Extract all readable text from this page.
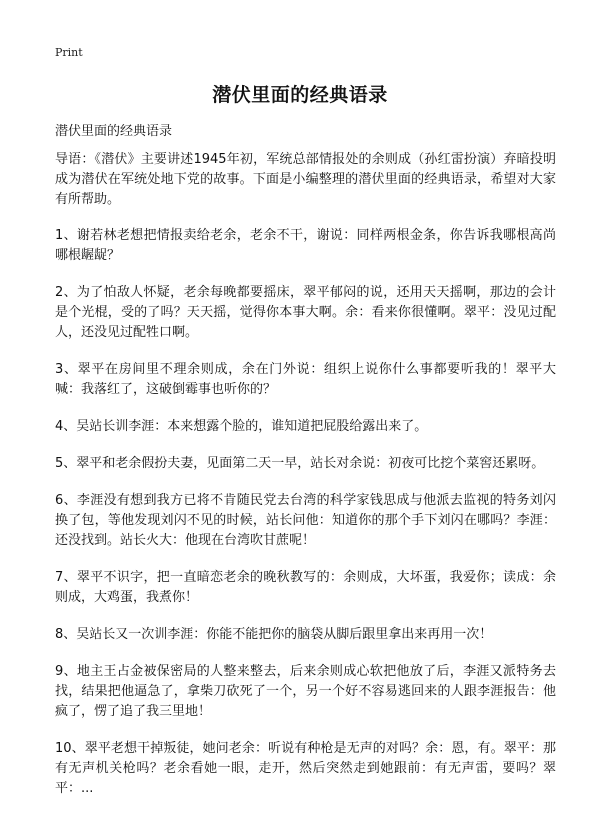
Print
潜伏里面的经典语录

潜伏里面的经典语录

导语：《潜伏》主要讲述1945年初，军统总部情报处的余则成（孙红雷扮演）弃暗投明成为潜伏在军统处地下党的故事。下面是小编整理的潜伏里面的经典语录，希望对大家有所帮助。

1、谢若林老想把情报卖给老余，老余不干，谢说：同样两根金条，你告诉我哪根高尚哪根龌龊？

2、为了怕敌人怀疑，老余每晚都要摇床，翠平郁闷的说，还用天天摇啊，那边的会计是个光棍，受的了吗？天天摇，觉得你本事大啊。余：看来你很懂啊。翠平：没见过配人，还没见过配牲口啊。

3、翠平在房间里不理余则成，余在门外说：组织上说你什么事都要听我的！翠平大喊：我落红了，这破倒霉事也听你的？

4、吴站长训李涯：本来想露个脸的，谁知道把屁股给露出来了。

5、翠平和老余假扮夫妻，见面第二天一早，站长对余说：初夜可比挖个菜窖还累呀。

6、李涯没有想到我方已将不肯随民党去台湾的科学家钱思成与他派去监视的特务刘闪换了包，等他发现刘闪不见的时候，站长问他：知道你的那个手下刘闪在哪吗？李涯：还没找到。站长火大：他现在台湾吹甘蔗呢！

7、翠平不识字，把一直暗恋老余的晚秋教写的：余则成，大坏蛋，我爱你；读成：余则成，大鸡蛋，我煮你！

8、吴站长又一次训李涯：你能不能把你的脑袋从脚后跟里拿出来再用一次！

9、地主王占金被保密局的人整来整去，后来余则成心软把他放了后，李涯又派特务去找，结果把他逼急了，拿柴刀砍死了一个，另一个好不容易逃回来的人跟李涯报告：他疯了，愣了追了我三里地！

10、翠平老想干掉叛徒，她问老余：听说有种枪是无声的对吗？余：恩，有。翠平：那有无声机关枪吗？老余看她一眼，走开，然后突然走到她跟前：有无声雷，要吗？翠平：...
